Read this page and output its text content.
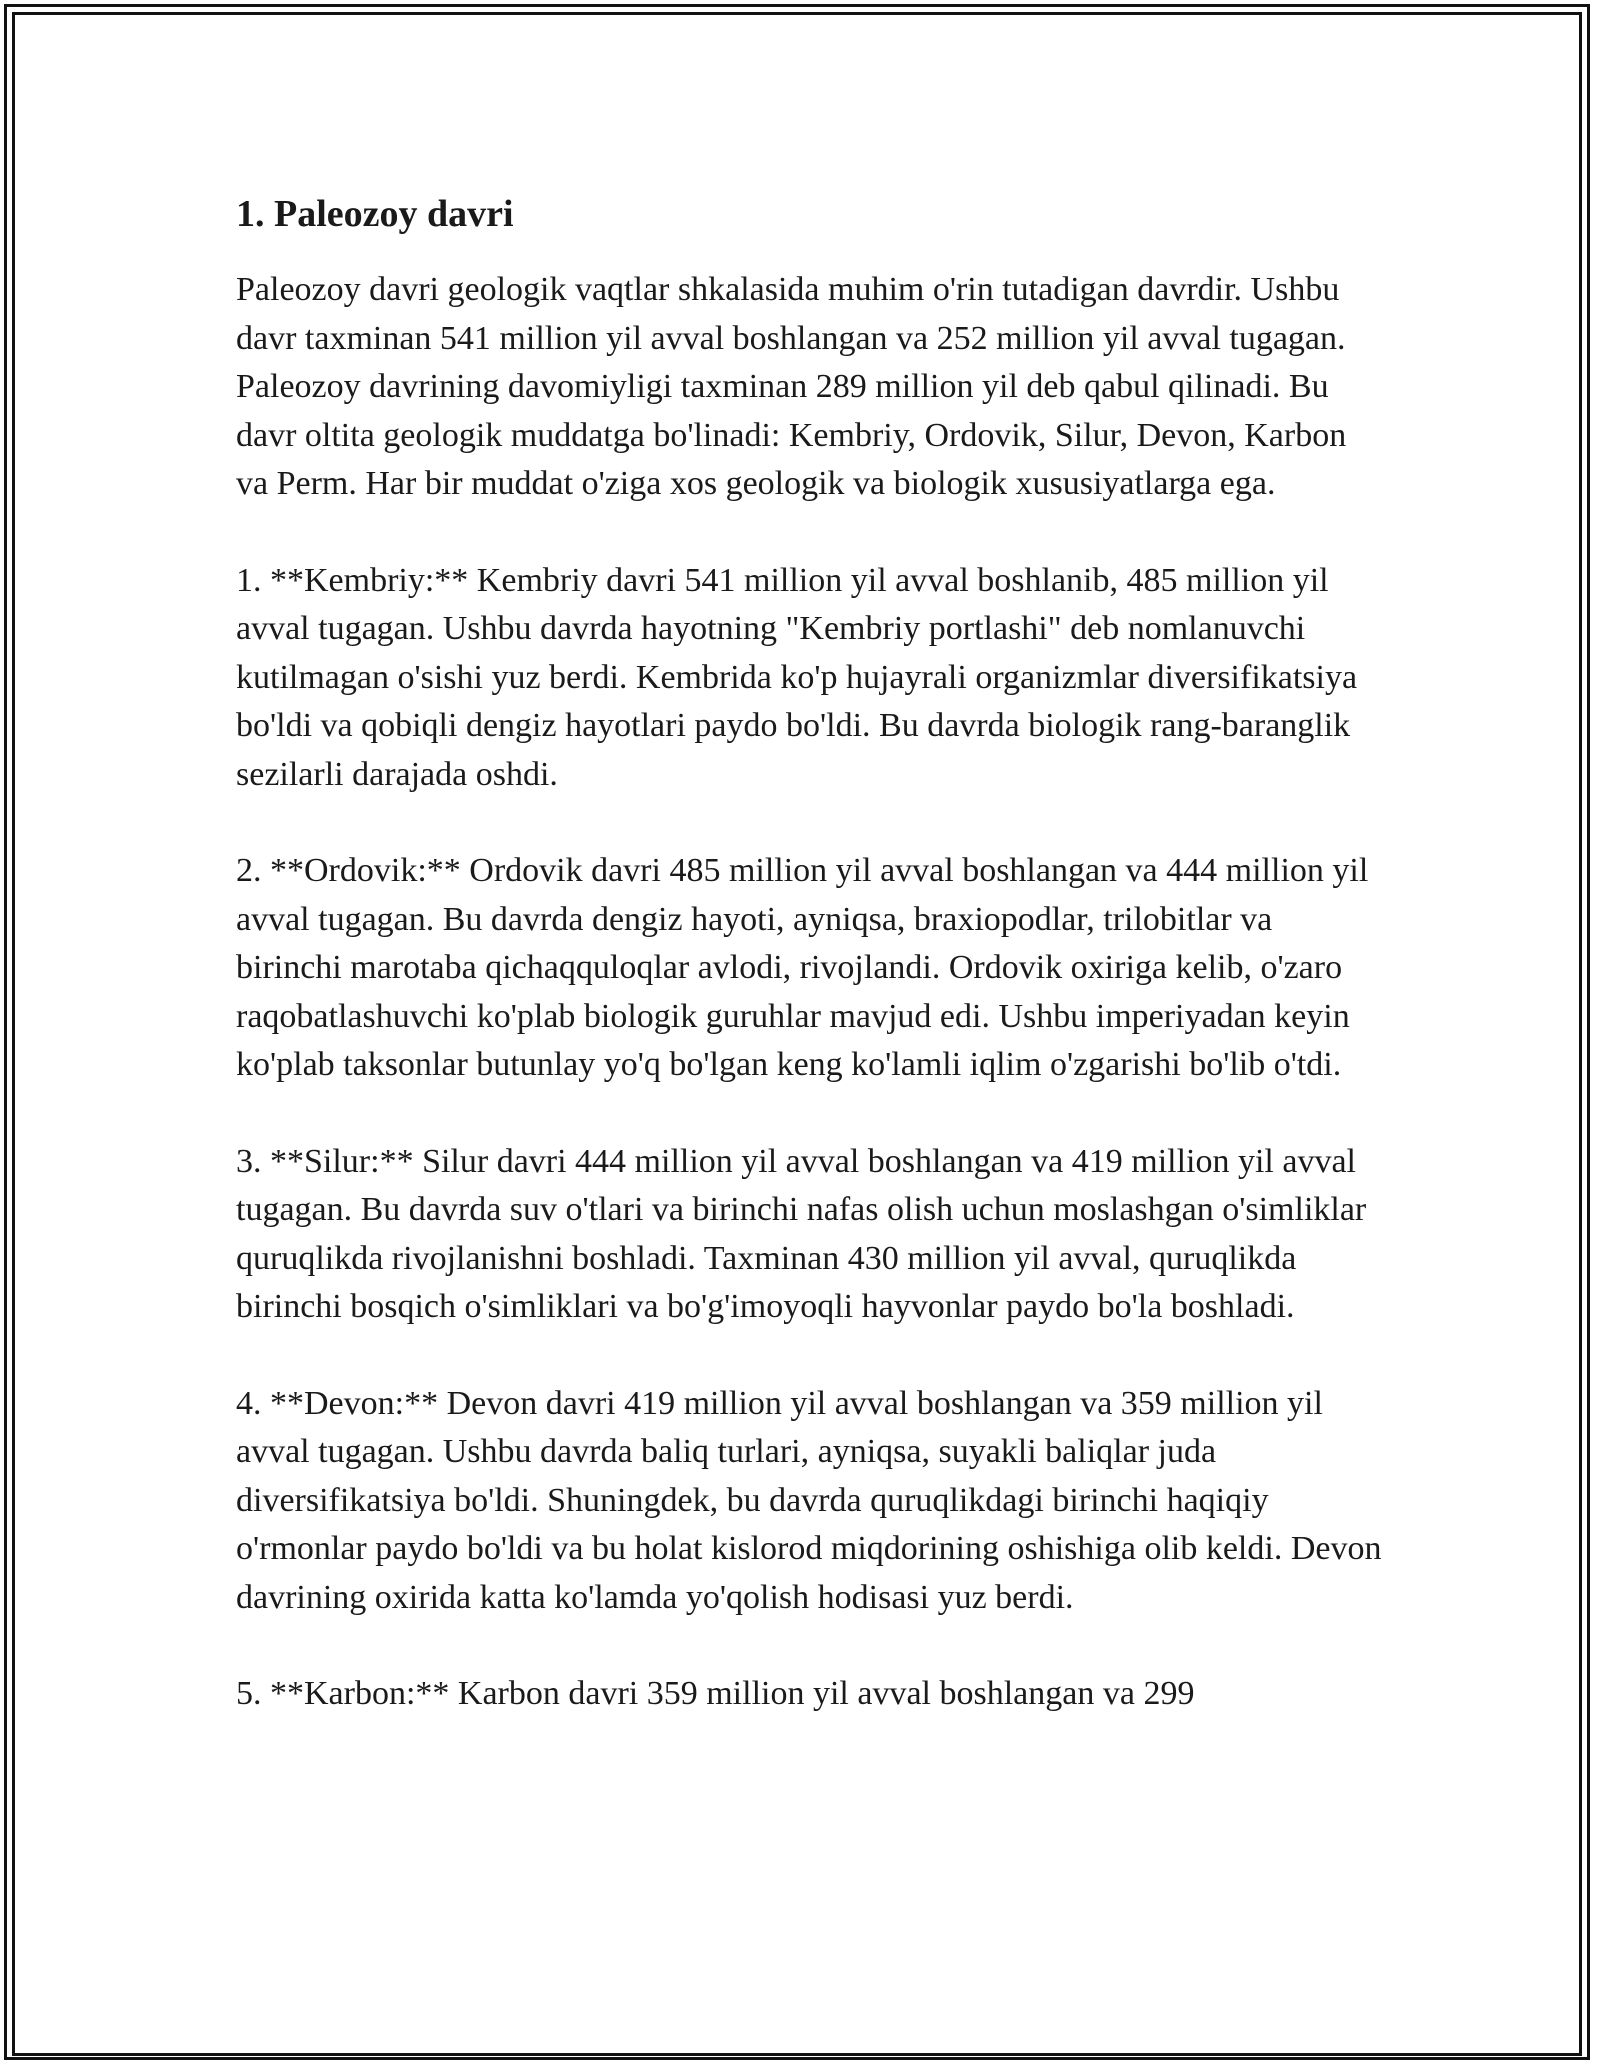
1. Paleozoy davri

Paleozoy davri geologik vaqtlar shkalasida muhim o'rin tutadigan davrdir. Ushbu davr taxminan 541 million yil avval boshlangan va 252 million yil avval tugagan. Paleozoy davrining davomiyligi taxminan 289 million yil deb qabul qilinadi. Bu davr oltita geologik muddatga bo'linadi: Kembriy, Ordovik, Silur, Devon, Karbon va Perm. Har bir muddat o'ziga xos geologik va biologik xususiyatlarga ega.

1. **Kembriy:** Kembriy davri 541 million yil avval boshlanib, 485 million yil avval tugagan. Ushbu davrda hayotning "Kembriy portlashi" deb nomlanuvchi kutilmagan o'sishi yuz berdi. Kembrida ko'p hujayrali organizmlar diversifikatsiya bo'ldi va qobiqli dengiz hayotlari paydo bo'ldi. Bu davrda biologik rang-baranglik sezilarli darajada oshdi.

2. **Ordovik:** Ordovik davri 485 million yil avval boshlangan va 444 million yil avval tugagan. Bu davrda dengiz hayoti, ayniqsa, braxiopodlar, trilobitlar va birinchi marotaba qichaqquloqlar avlodi, rivojlandi. Ordovik oxiriga kelib, o'zaro raqobatlashuvchi ko'plab biologik guruhlar mavjud edi. Ushbu imperiyadan keyin ko'plab taksonlar butunlay yo'q bo'lgan keng ko'lamli iqlim o'zgarishi bo'lib o'tdi.

3. **Silur:** Silur davri 444 million yil avval boshlangan va 419 million yil avval tugagan. Bu davrda suv o'tlari va birinchi nafas olish uchun moslashgan o'simliklar quruqlikda rivojlanishni boshladi. Taxminan 430 million yil avval, quruqlikda birinchi bosqich o'simliklari va bo'g'imoyoqli hayvonlar paydo bo'la boshladi.

4. **Devon:** Devon davri 419 million yil avval boshlangan va 359 million yil avval tugagan. Ushbu davrda baliq turlari, ayniqsa, suyakli baliqlar juda diversifikatsiya bo'ldi. Shuningdek, bu davrda quruqlikdagi birinchi haqiqiy o'rmonlar paydo bo'ldi va bu holat kislorod miqdorining oshishiga olib keldi. Devon davrining oxirida katta ko'lamda yo'qolish hodisasi yuz berdi.

5. **Karbon:** Karbon davri 359 million yil avval boshlangan va 299
